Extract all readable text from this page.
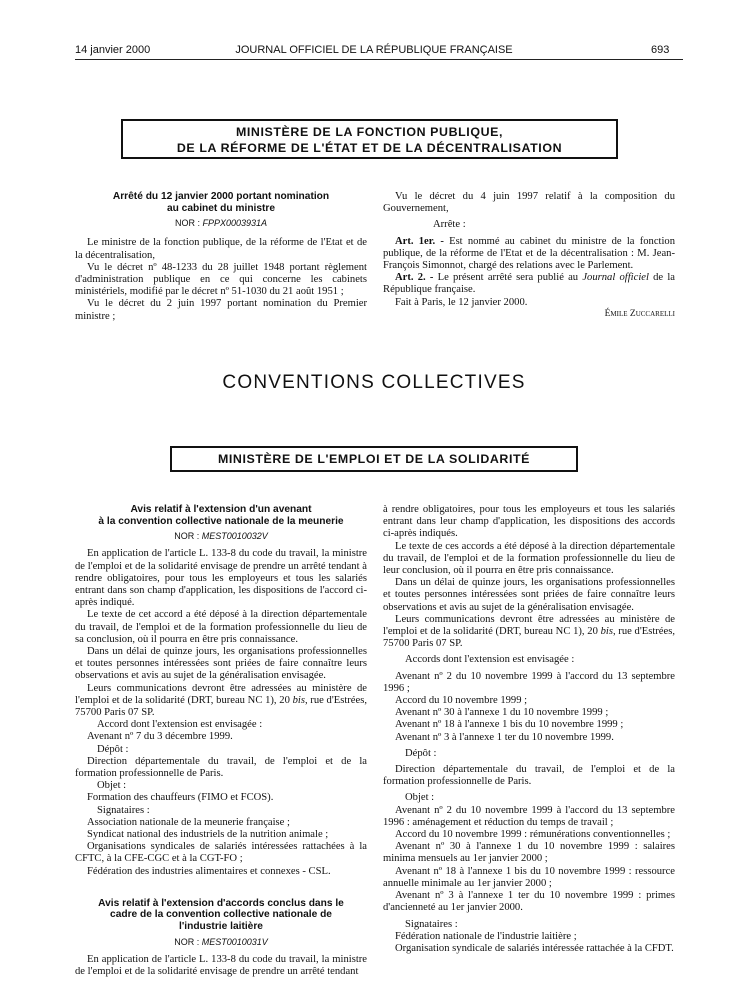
14 janvier 2000	JOURNAL OFFICIEL DE LA RÉPUBLIQUE FRANÇAISE	693
MINISTÈRE DE LA FONCTION PUBLIQUE,
DE LA RÉFORME DE L'ÉTAT ET DE LA DÉCENTRALISATION
Arrêté du 12 janvier 2000 portant nomination
au cabinet du ministre
NOR : FPPX0003931A

Le ministre de la fonction publique, de la réforme de l'Etat et de la décentralisation,

Vu le décret nº 48-1233 du 28 juillet 1948 portant règlement d'administration publique en ce qui concerne les cabinets ministériels, modifié par le décret nº 51-1030 du 21 août 1951 ;

Vu le décret du 2 juin 1997 portant nomination du Premier ministre ;

Vu le décret du 4 juin 1997 relatif à la composition du Gouvernement,

Arrête :

Art. 1er. - Est nommé au cabinet du ministre de la fonction publique, de la réforme de l'Etat et de la décentralisation : M. Jean-François Simonnot, chargé des relations avec le Parlement.

Art. 2. - Le présent arrêté sera publié au Journal officiel de la République française.

Fait à Paris, le 12 janvier 2000.

Émile Zuccarelli
CONVENTIONS COLLECTIVES
MINISTÈRE DE L'EMPLOI ET DE LA SOLIDARITÉ
Avis relatif à l'extension d'un avenant
à la convention collective nationale de la meunerie
NOR : MEST0010032V

En application de l'article L. 133-8 du code du travail, la ministre de l'emploi et de la solidarité envisage de prendre un arrêté tendant à rendre obligatoires, pour tous les employeurs et tous les salariés entrant dans son champ d'application, les dispositions de l'accord ci-après indiqué.

Le texte de cet accord a été déposé à la direction départementale du travail, de l'emploi et de la formation professionnelle du lieu de sa conclusion, où il pourra en être pris connaissance.

Dans un délai de quinze jours, les organisations professionnelles et toutes personnes intéressées sont priées de faire connaître leurs observations et avis au sujet de la généralisation envisagée.

Leurs communications devront être adressées au ministère de l'emploi et de la solidarité (DRT, bureau NC 1), 20 bis, rue d'Estrées, 75700 Paris 07 SP.

Accord dont l'extension est envisagée :

Avenant nº 7 du 3 décembre 1999.

Dépôt :

Direction départementale du travail, de l'emploi et de la formation professionnelle de Paris.

Objet :

Formation des chauffeurs (FIMO et FCOS).

Signataires :

Association nationale de la meunerie française ;

Syndicat national des industriels de la nutrition animale ;

Organisations syndicales de salariés intéressées rattachées à la CFTC, à la CFE-CGC et à la CGT-FO ;

Fédération des industries alimentaires et connexes - CSL.

Avis relatif à l'extension d'accords conclus dans le
cadre de la convention collective nationale de
l'industrie laitière
NOR : MEST0010031V

En application de l'article L. 133-8 du code du travail, la ministre de l'emploi et de la solidarité envisage de prendre un arrêté tendant

à rendre obligatoires, pour tous les employeurs et tous les salariés entrant dans leur champ d'application, les dispositions des accords ci-après indiqués.

Le texte de ces accords a été déposé à la direction départementale du travail, de l'emploi et de la formation professionnelle du lieu de leur conclusion, où il pourra en être pris connaissance.

Dans un délai de quinze jours, les organisations professionnelles et toutes personnes intéressées sont priées de faire connaître leurs observations et avis au sujet de la généralisation envisagée.

Leurs communications devront être adressées au ministère de l'emploi et de la solidarité (DRT, bureau NC 1), 20 bis, rue d'Estrées, 75700 Paris 07 SP.

Accords dont l'extension est envisagée :

Avenant nº 2 du 10 novembre 1999 à l'accord du 13 septembre 1996 ;

Accord du 10 novembre 1999 ;

Avenant nº 30 à l'annexe 1 du 10 novembre 1999 ;

Avenant nº 18 à l'annexe 1 bis du 10 novembre 1999 ;

Avenant nº 3 à l'annexe 1 ter du 10 novembre 1999.

Dépôt :

Direction départementale du travail, de l'emploi et de la formation professionnelle de Paris.

Objet :

Avenant nº 2 du 10 novembre 1999 à l'accord du 13 septembre 1996 : aménagement et réduction du temps de travail ;

Accord du 10 novembre 1999 : rémunérations conventionnelles ;

Avenant nº 30 à l'annexe 1 du 10 novembre 1999 : salaires minima mensuels au 1er janvier 2000 ;

Avenant nº 18 à l'annexe 1 bis du 10 novembre 1999 : ressource annuelle minimale au 1er janvier 2000 ;

Avenant nº 3 à l'annexe 1 ter du 10 novembre 1999 : primes d'ancienneté au 1er janvier 2000.

Signataires :

Fédération nationale de l'industrie laitière ;

Organisation syndicale de salariés intéressée rattachée à la CFDT.
